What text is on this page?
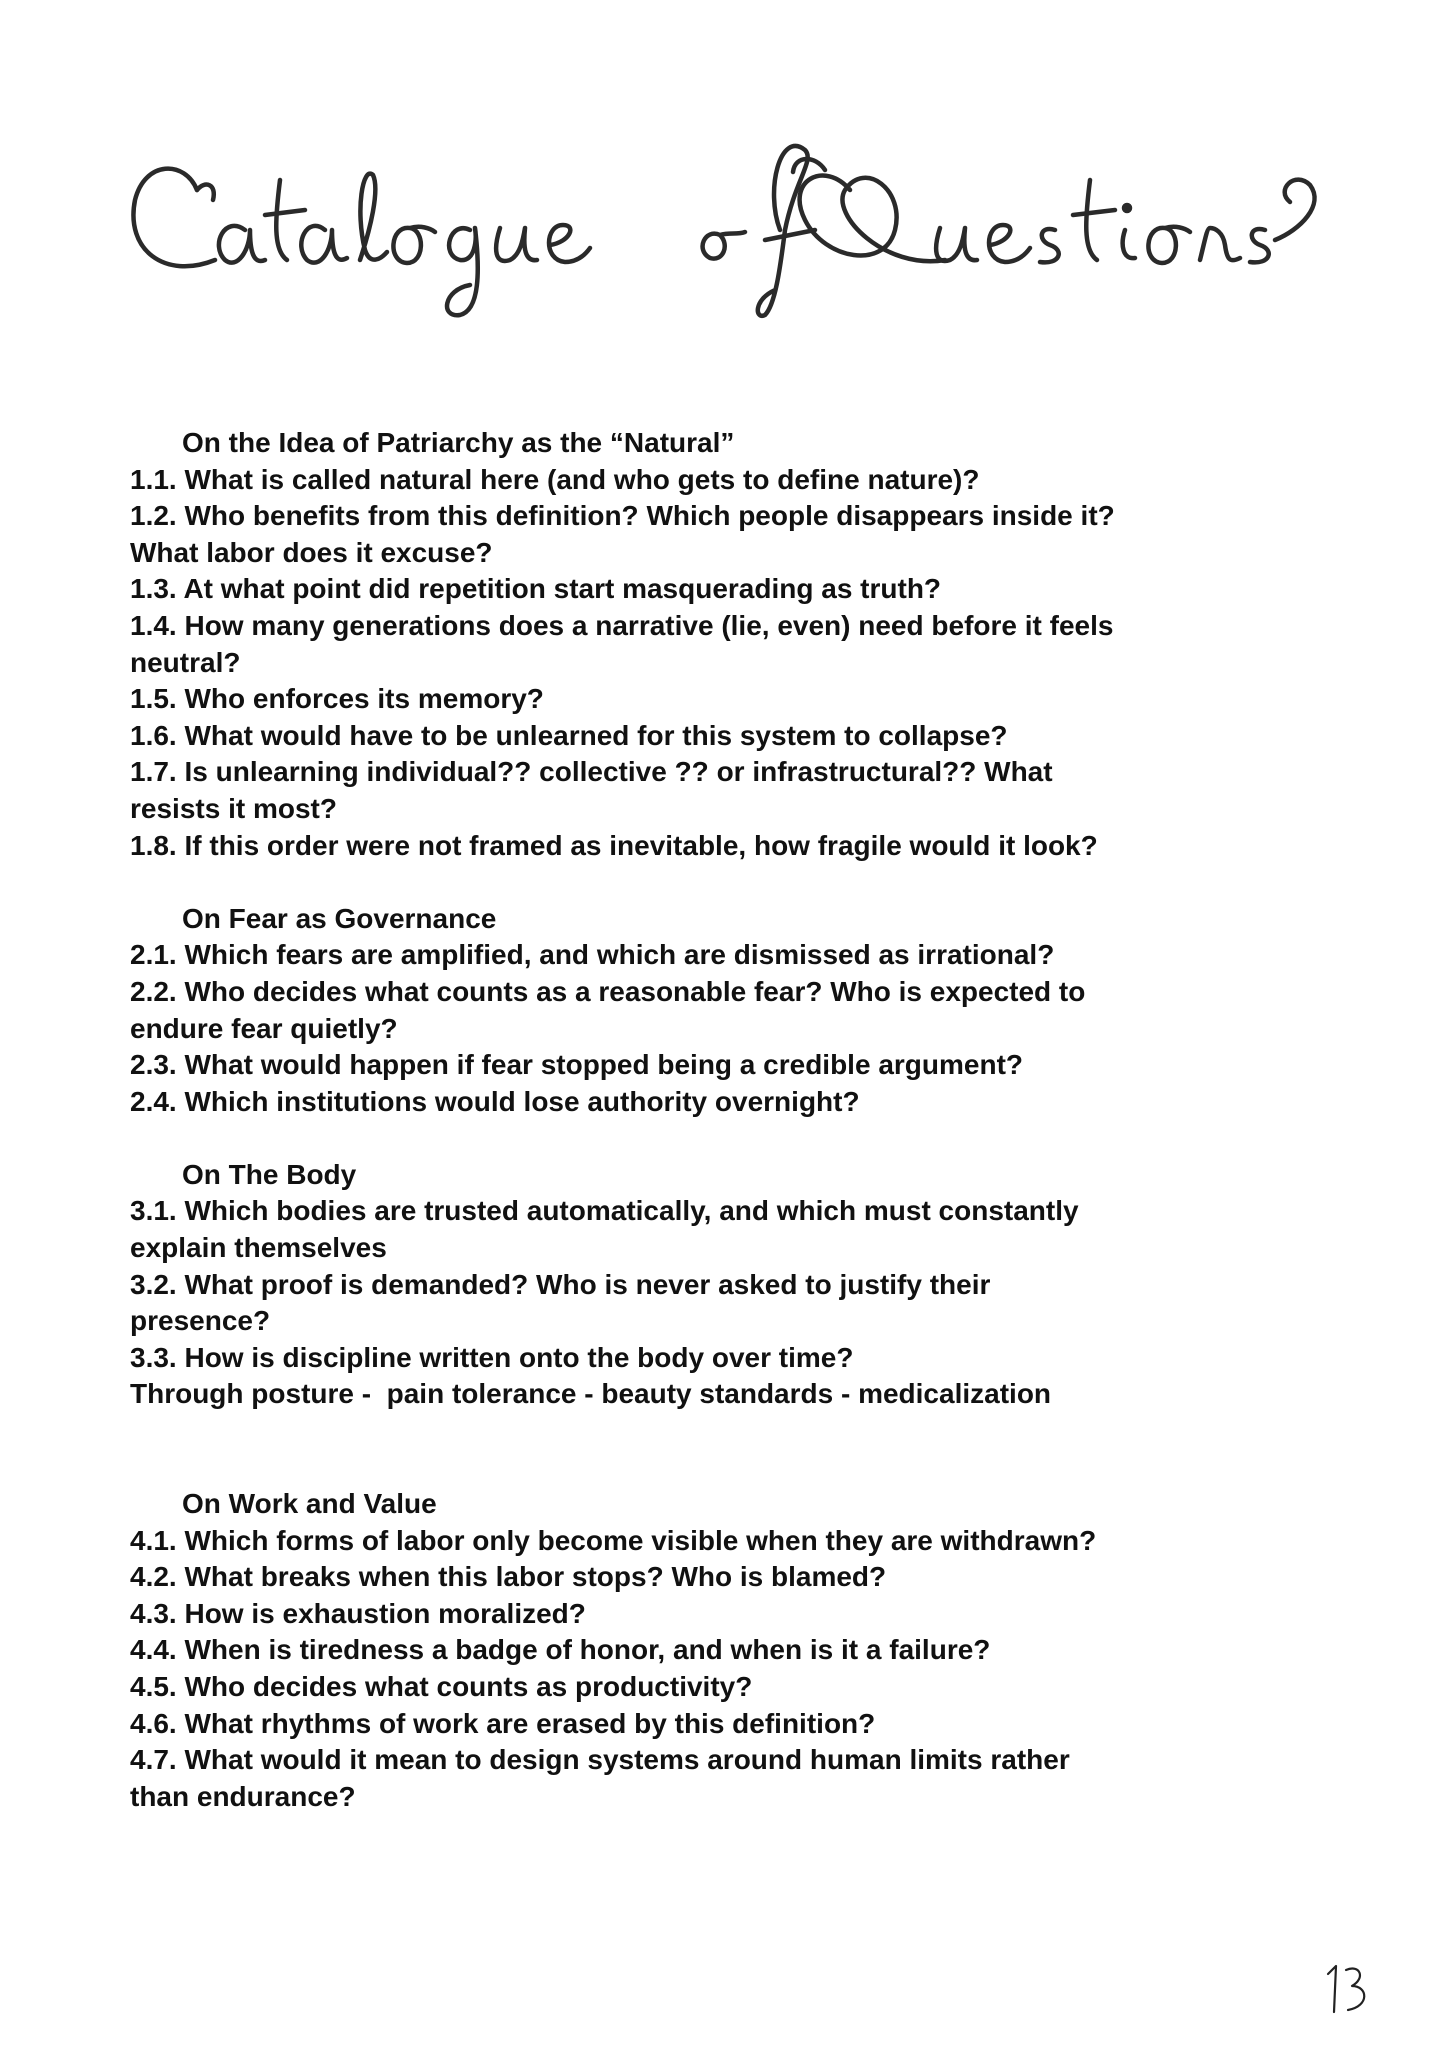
On the Idea of Patriarchy as the “Natural”

1.1. What is called natural here (and who gets to define nature)?

1.2. Who benefits from this definition? Which people disappears inside it?

What labor does it excuse?

1.3. At what point did repetition start masquerading as truth?

1.4. How many generations does a narrative (lie, even) need before it feels

neutral?

1.5. Who enforces its memory?

1.6. What would have to be unlearned for this system to collapse?

1.7. Is unlearning individual?? collective ?? or infrastructural?? What

resists it most?

1.8. If this order were not framed as inevitable, how fragile would it look?

On Fear as Governance

2.1. Which fears are amplified, and which are dismissed as irrational?

2.2. Who decides what counts as a reasonable fear? Who is expected to

endure fear quietly?

2.3. What would happen if fear stopped being a credible argument?

2.4. Which institutions would lose authority overnight?

On The Body

3.1. Which bodies are trusted automatically, and which must constantly

explain themselves

3.2. What proof is demanded? Who is never asked to justify their

presence?

3.3. How is discipline written onto the body over time?

Through posture -  pain tolerance - beauty standards - medicalization

On Work and Value

4.1. Which forms of labor only become visible when they are withdrawn?

4.2. What breaks when this labor stops? Who is blamed?

4.3. How is exhaustion moralized?

4.4. When is tiredness a badge of honor, and when is it a failure?

4.5. Who decides what counts as productivity?

4.6. What rhythms of work are erased by this definition?

4.7. What would it mean to design systems around human limits rather

than endurance?
